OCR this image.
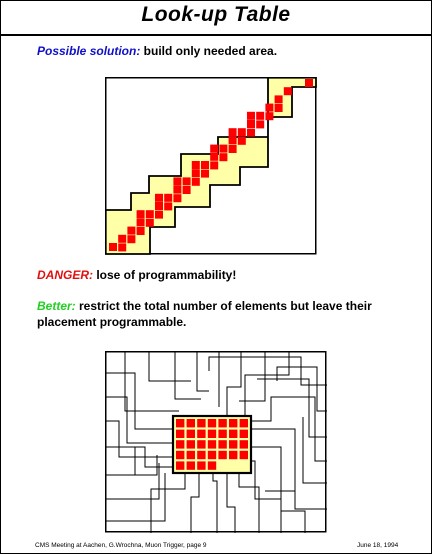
Look-up Table
Possible solution: build only needed area.
DANGER: lose of programmability!
Better: restrict the total number of elements but leave their placement programmable.
CMS Meeting at Aachen, G.Wrochna, Muon Trigger, page 9	June 18, 1994
